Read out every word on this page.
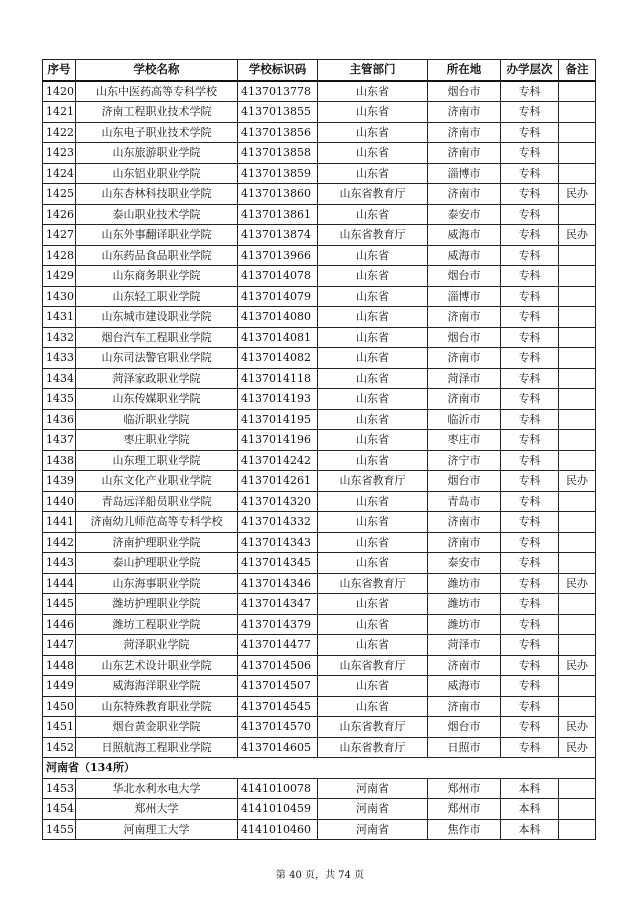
序号	学校名称	学校标识码	主管部门	所在地	办学层次	备注
1420	山东中医药高等专科学校	4137013778	山东省	烟台市	专科	
1421	济南工程职业技术学院	4137013855	山东省	济南市	专科	
1422	山东电子职业技术学院	4137013856	山东省	济南市	专科	
1423	山东旅游职业学院	4137013858	山东省	济南市	专科	
1424	山东铝业职业学院	4137013859	山东省	淄博市	专科	
1425	山东杏林科技职业学院	4137013860	山东省教育厅	济南市	专科	民办
1426	泰山职业技术学院	4137013861	山东省	泰安市	专科	
1427	山东外事翻译职业学院	4137013874	山东省教育厅	威海市	专科	民办
1428	山东药品食品职业学院	4137013966	山东省	威海市	专科	
1429	山东商务职业学院	4137014078	山东省	烟台市	专科	
1430	山东轻工职业学院	4137014079	山东省	淄博市	专科	
1431	山东城市建设职业学院	4137014080	山东省	济南市	专科	
1432	烟台汽车工程职业学院	4137014081	山东省	烟台市	专科	
1433	山东司法警官职业学院	4137014082	山东省	济南市	专科	
1434	菏泽家政职业学院	4137014118	山东省	菏泽市	专科	
1435	山东传媒职业学院	4137014193	山东省	济南市	专科	
1436	临沂职业学院	4137014195	山东省	临沂市	专科	
1437	枣庄职业学院	4137014196	山东省	枣庄市	专科	
1438	山东理工职业学院	4137014242	山东省	济宁市	专科	
1439	山东文化产业职业学院	4137014261	山东省教育厅	烟台市	专科	民办
1440	青岛远洋船员职业学院	4137014320	山东省	青岛市	专科	
1441	济南幼儿师范高等专科学校	4137014332	山东省	济南市	专科	
1442	济南护理职业学院	4137014343	山东省	济南市	专科	
1443	泰山护理职业学院	4137014345	山东省	泰安市	专科	
1444	山东海事职业学院	4137014346	山东省教育厅	潍坊市	专科	民办
1445	潍坊护理职业学院	4137014347	山东省	潍坊市	专科	
1446	潍坊工程职业学院	4137014379	山东省	潍坊市	专科	
1447	菏泽职业学院	4137014477	山东省	菏泽市	专科	
1448	山东艺术设计职业学院	4137014506	山东省教育厅	济南市	专科	民办
1449	威海海洋职业学院	4137014507	山东省	威海市	专科	
1450	山东特殊教育职业学院	4137014545	山东省	济南市	专科	
1451	烟台黄金职业学院	4137014570	山东省教育厅	烟台市	专科	民办
1452	日照航海工程职业学院	4137014605	山东省教育厅	日照市	专科	民办
河南省（134所）						
1453	华北水利水电大学	4141010078	河南省	郑州市	本科	
1454	郑州大学	4141010459	河南省	郑州市	本科	
1455	河南理工大学	4141010460	河南省	焦作市	本科	
第 40 页，共 74 页
